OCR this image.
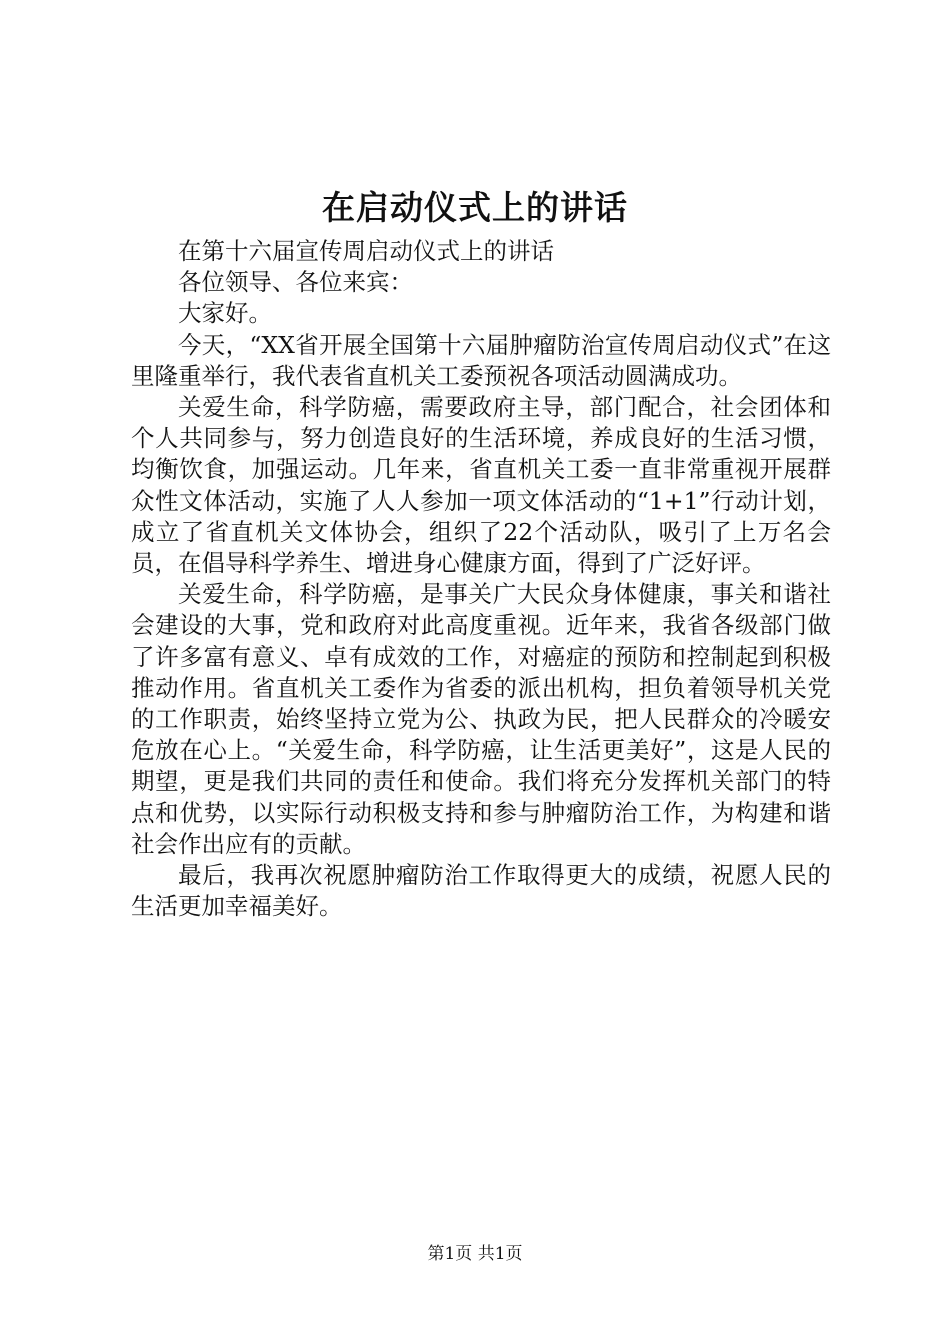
在启动仪式上的讲话

在第十六届宣传周启动仪式上的讲话

各位领导、各位来宾：

大家好。

今天，“XX省开展全国第十六届肿瘤防治宣传周启动仪式”在这里隆重举行，我代表省直机关工委预祝各项活动圆满成功。

关爱生命，科学防癌，需要政府主导，部门配合，社会团体和个人共同参与，努力创造良好的生活环境，养成良好的生活习惯，均衡饮食，加强运动。几年来，省直机关工委一直非常重视开展群众性文体活动，实施了人人参加一项文体活动的“1+1”行动计划，成立了省直机关文体协会，组织了22个活动队，吸引了上万名会员，在倡导科学养生、增进身心健康方面，得到了广泛好评。

关爱生命，科学防癌，是事关广大民众身体健康，事关和谐社会建设的大事，党和政府对此高度重视。近年来，我省各级部门做了许多富有意义、卓有成效的工作，对癌症的预防和控制起到积极推动作用。省直机关工委作为省委的派出机构，担负着领导机关党的工作职责，始终坚持立党为公、执政为民，把人民群众的冷暖安危放在心上。“关爱生命，科学防癌，让生活更美好”，这是人民的期望，更是我们共同的责任和使命。我们将充分发挥机关部门的特点和优势，以实际行动积极支持和参与肿瘤防治工作，为构建和谐社会作出应有的贡献。

最后，我再次祝愿肿瘤防治工作取得更大的成绩，祝愿人民的生活更加幸福美好。

第1页 共1页
